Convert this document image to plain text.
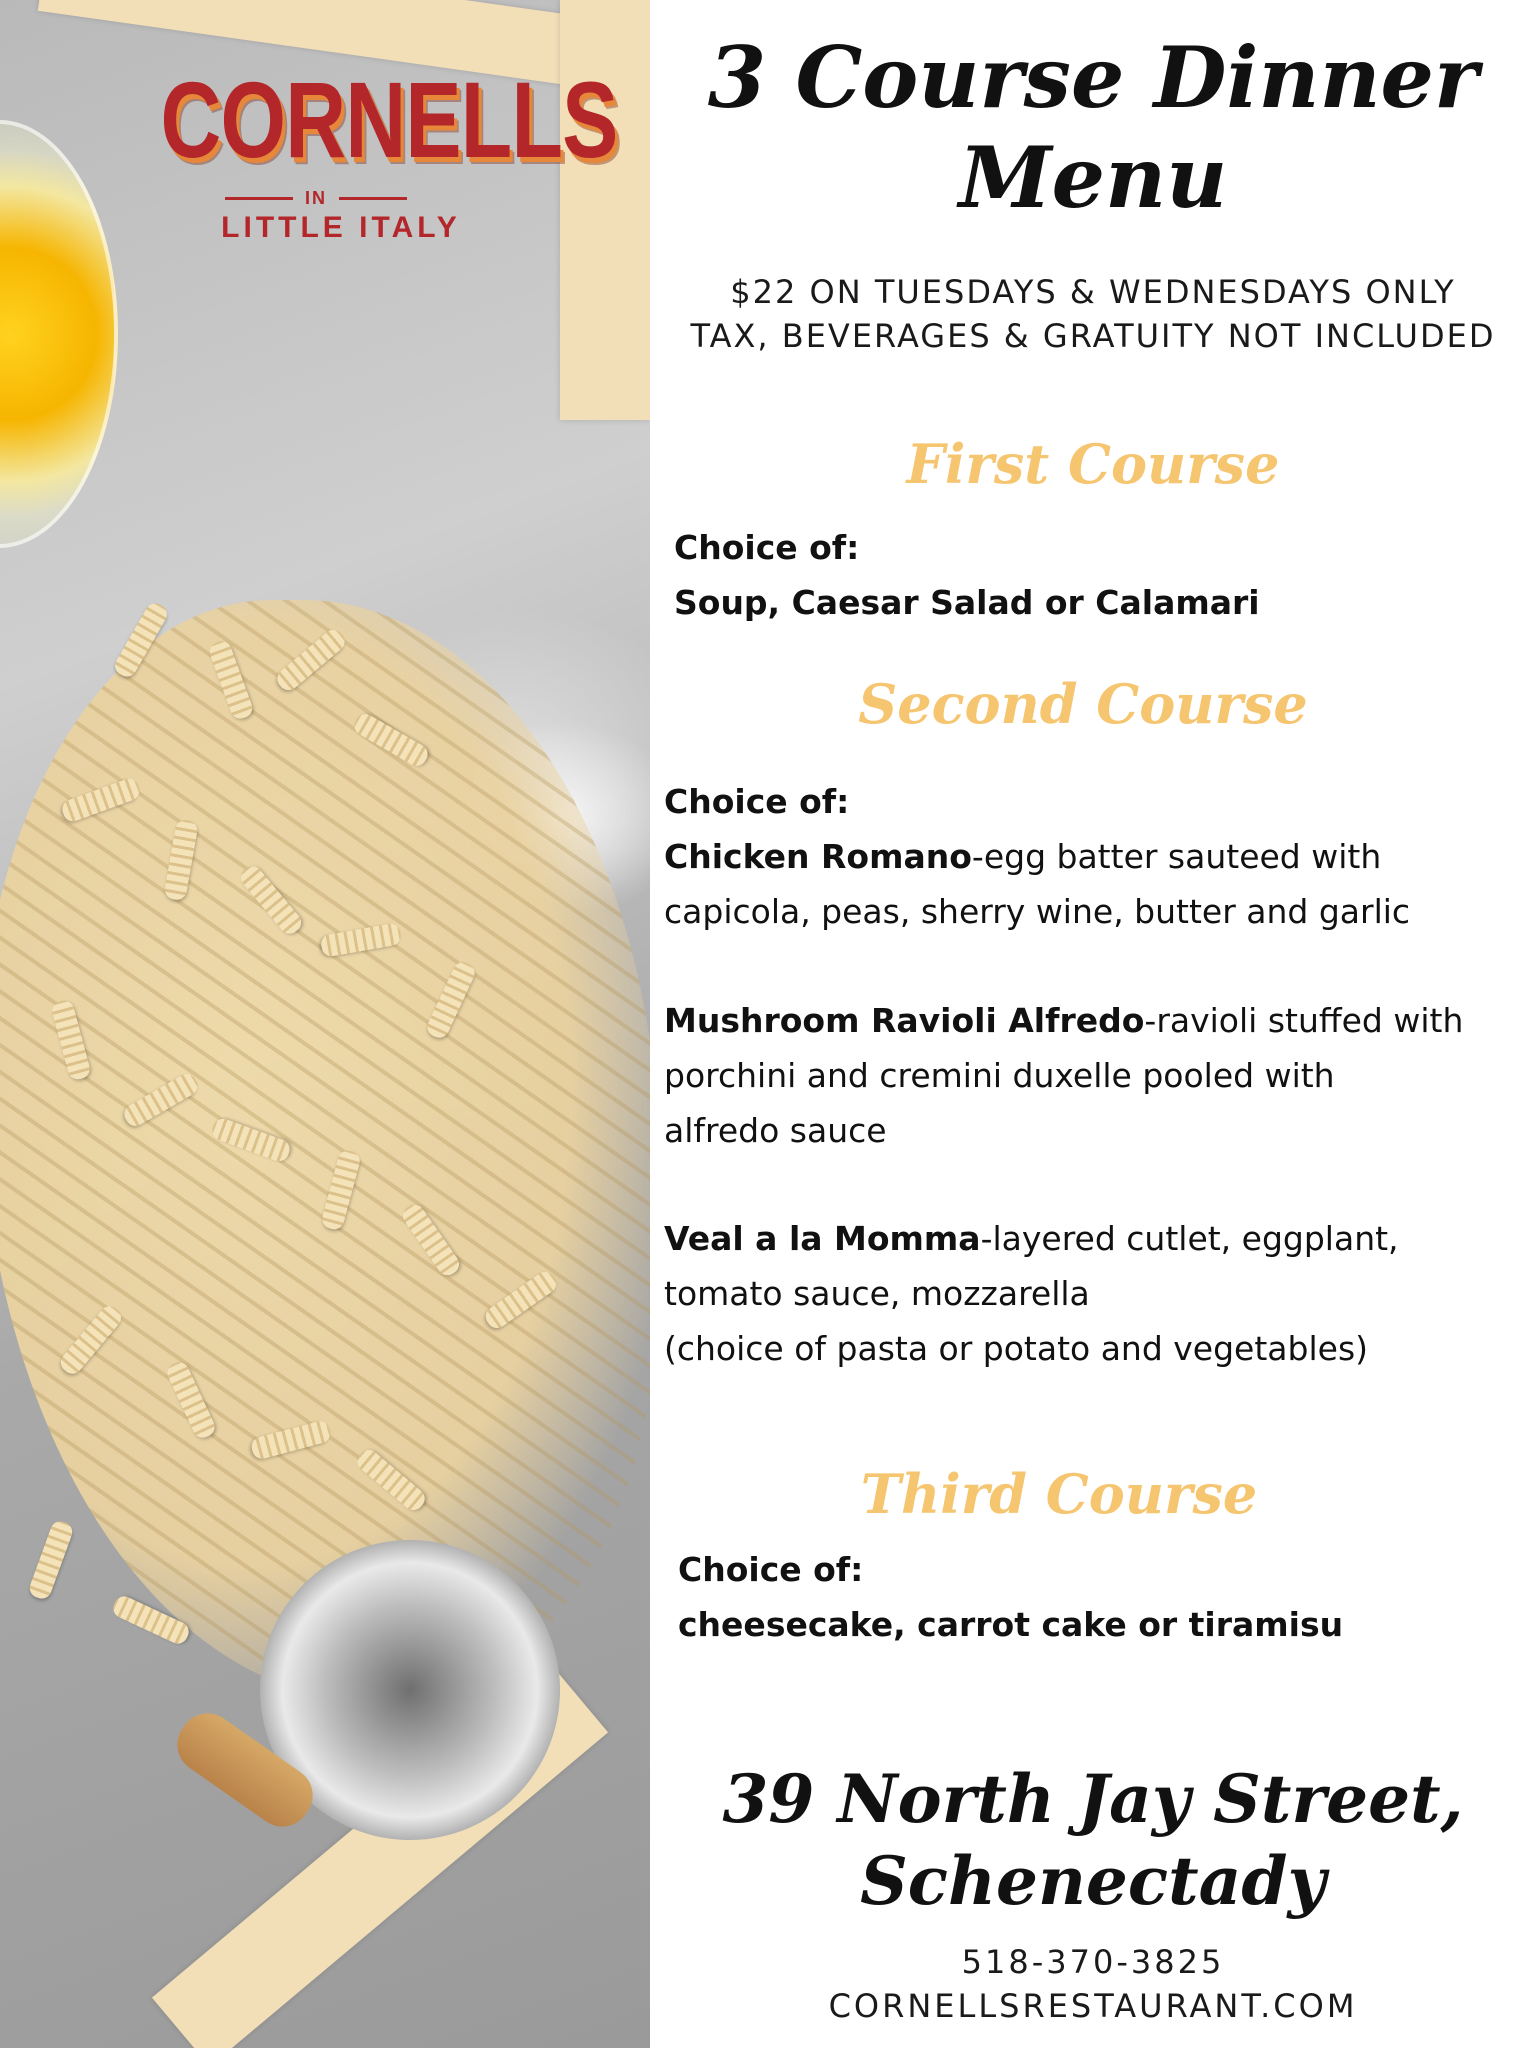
CORNELLS
IN
LITTLE ITALY
3 Course Dinner
Menu
$22 ON TUESDAYS & WEDNESDAYS ONLY
TAX, BEVERAGES & GRATUITY NOT INCLUDED
First Course
Choice of:
Soup, Caesar Salad or Calamari
Second Course
Choice of:
Chicken Romano-egg batter sauteed with
capicola, peas, sherry wine, butter and garlic
Mushroom Ravioli Alfredo-ravioli stuffed with
porchini and cremini duxelle pooled with
alfredo sauce
Veal a la Momma-layered cutlet, eggplant,
tomato sauce, mozzarella
(choice of pasta or potato and vegetables)
Third Course
Choice of:
cheesecake, carrot cake or tiramisu
39 North Jay Street,
Schenectady
518-370-3825
CORNELLSRESTAURANT.COM
